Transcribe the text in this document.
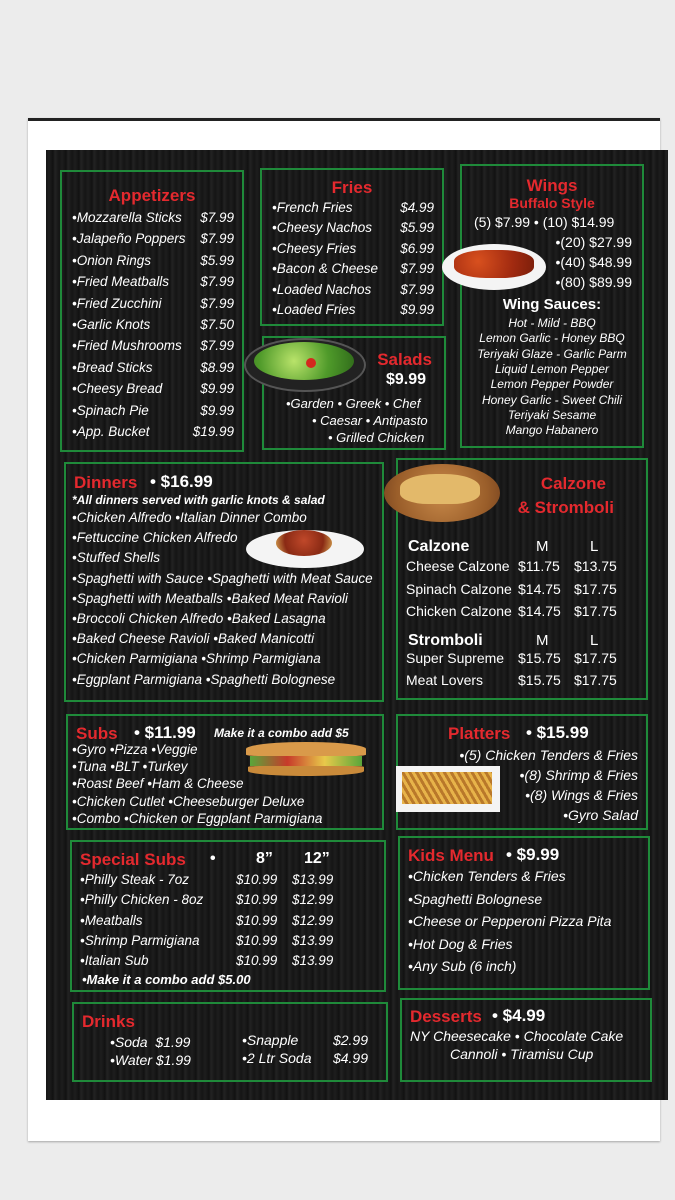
Appetizers
•Mozzarella Sticks $7.99
•Jalapeño Poppers $7.99
•Onion Rings	$5.99
•Fried Meatballs $7.99
•Fried Zucchini	$7.99
•Garlic Knots	$7.50
•Fried Mushrooms $7.99
•Bread Sticks	$8.99
•Cheesy Bread	$9.99
•Spinach Pie	$9.99
•App. Bucket	$19.99
Fries
•French Fries	$4.99
•Cheesy Nachos $5.99
•Cheesy Fries	$6.99
•Bacon & Cheese $7.99
•Loaded Nachos $7.99
•Loaded Fries	$9.99
Wings
Buffalo Style
(5) $7.99 • (10) $14.99
•(20) $27.99
•(40) $48.99
•(80) $89.99
Wing Sauces:
Hot - Mild - BBQ
Lemon Garlic - Honey BBQ
Teriyaki Glaze - Garlic Parm
Liquid Lemon Pepper
Lemon Pepper Powder
Honey Garlic - Sweet Chili
Teriyaki Sesame
Mango Habanero
Salads
$9.99
•Garden • Greek • Chef
• Caesar • Antipasto
• Grilled Chicken
Dinners • $16.99
*All dinners served with garlic knots & salad
•Chicken Alfredo •Italian Dinner Combo
•Fettuccine Chicken Alfredo
•Stuffed Shells
•Spaghetti with Sauce •Spaghetti with Meat Sauce
•Spaghetti with Meatballs •Baked Meat Ravioli
•Broccoli Chicken Alfredo •Baked Lasagna
•Baked Cheese Ravioli •Baked Manicotti
•Chicken Parmigiana •Shrimp Parmigiana
•Eggplant Parmigiana •Spaghetti Bolognese
Calzone
& Stromboli
Calzone	M	L
Cheese Calzone $11.75 $13.75
Spinach Calzone $14.75 $17.75
Chicken Calzone $14.75 $17.75
Stromboli	M	L
Super Supreme $15.75 $17.75
Meat Lovers $15.75 $17.75
Subs • $11.99 Make it a combo add $5
•Gyro •Pizza •Veggie
•Tuna •BLT •Turkey
•Roast Beef •Ham & Cheese
•Chicken Cutlet •Cheeseburger Deluxe
•Combo •Chicken or Eggplant Parmigiana
Platters • $15.99
•(5) Chicken Tenders & Fries
•(8) Shrimp & Fries
•(8) Wings & Fries
•Gyro Salad
Special Subs •	8” 12”
•Philly Steak - 7oz	$10.99 $13.99
•Philly Chicken - 8oz $10.99 $12.99
•Meatballs	$10.99 $12.99
•Shrimp Parmigiana	$10.99 $13.99
•Italian Sub	$10.99 $13.99
•Make it a combo add $5.00
Kids Menu • $9.99
•Chicken Tenders & Fries
•Spaghetti Bolognese
•Cheese or Pepperoni Pizza Pita
•Hot Dog & Fries
•Any Sub (6 inch)
Drinks
•Soda $1.99
•Water $1.99
•Snapple $2.99
•2 Ltr Soda $4.99
Desserts • $4.99
NY Cheesecake • Chocolate Cake
Cannoli • Tiramisu Cup
